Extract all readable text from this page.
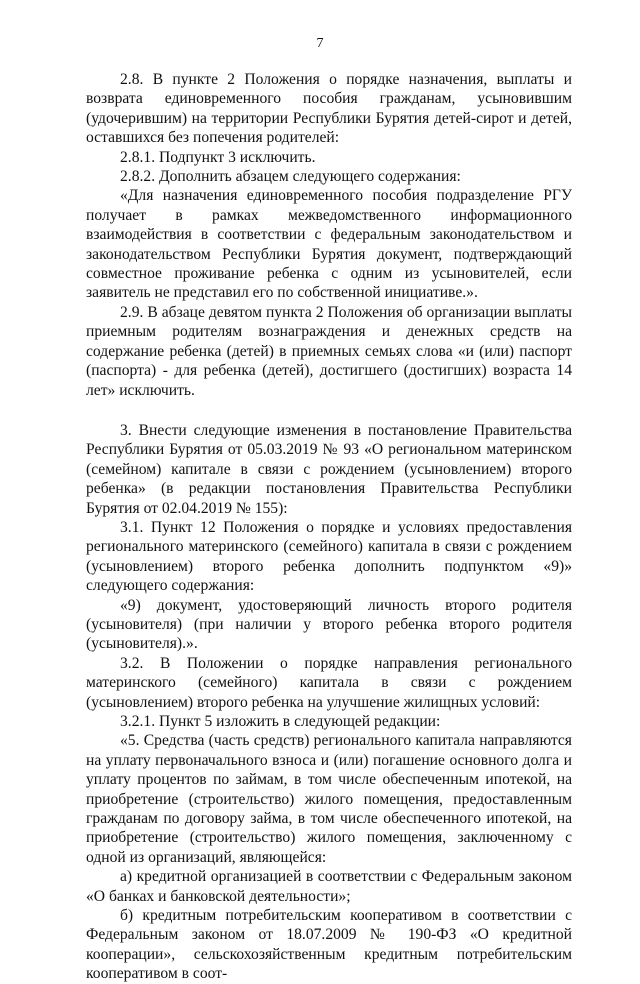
7

2.8. В пункте 2 Положения о порядке назначения, выплаты и возврата единовременного пособия гражданам, усыновившим (удочерившим) на территории Республики Бурятия детей-сирот и детей, оставшихся без попечения родителей:

2.8.1. Подпункт 3 исключить.

2.8.2. Дополнить абзацем следующего содержания:

«Для назначения единовременного пособия подразделение РГУ получает в рамках межведомственного информационного взаимодействия в соответствии с федеральным законодательством и законодательством Республики Бурятия документ, подтверждающий совместное проживание ребенка с одним из усыновителей, если заявитель не представил его по собственной инициативе.».

2.9. В абзаце девятом пункта 2 Положения об организации выплаты приемным родителям вознаграждения и денежных средств на содержание ребенка (детей) в приемных семьях слова «и (или) паспорт (паспорта) - для ребенка (детей), достигшего (достигших) возраста 14 лет» исключить.

3. Внести следующие изменения в постановление Правительства Республики Бурятия от 05.03.2019 № 93 «О региональном материнском (семейном) капитале в связи с рождением (усыновлением) второго ребенка» (в редакции постановления Правительства Республики Бурятия от 02.04.2019 № 155):

3.1. Пункт 12 Положения о порядке и условиях предоставления регионального материнского (семейного) капитала в связи с рождением (усыновлением) второго ребенка дополнить подпунктом «9)» следующего содержания:

«9) документ, удостоверяющий личность второго родителя (усыновителя) (при наличии у второго ребенка второго родителя (усыновителя).».

3.2. В Положении о порядке направления регионального материнского (семейного) капитала в связи с рождением (усыновлением) второго ребенка на улучшение жилищных условий:

3.2.1. Пункт 5 изложить в следующей редакции:

«5. Средства (часть средств) регионального капитала направляются на уплату первоначального взноса и (или) погашение основного долга и уплату процентов по займам, в том числе обеспеченным ипотекой, на приобретение (строительство) жилого помещения, предоставленным гражданам по договору займа, в том числе обеспеченного ипотекой, на приобретение (строительство) жилого помещения, заключенному с одной из организаций, являющейся:

а) кредитной организацией в соответствии с Федеральным законом «О банках и банковской деятельности»;

б) кредитным потребительским кооперативом в соответствии с Федеральным законом от 18.07.2009 № 190-ФЗ «О кредитной кооперации», сельскохозяйственным кредитным потребительским кооперативом в соот-
